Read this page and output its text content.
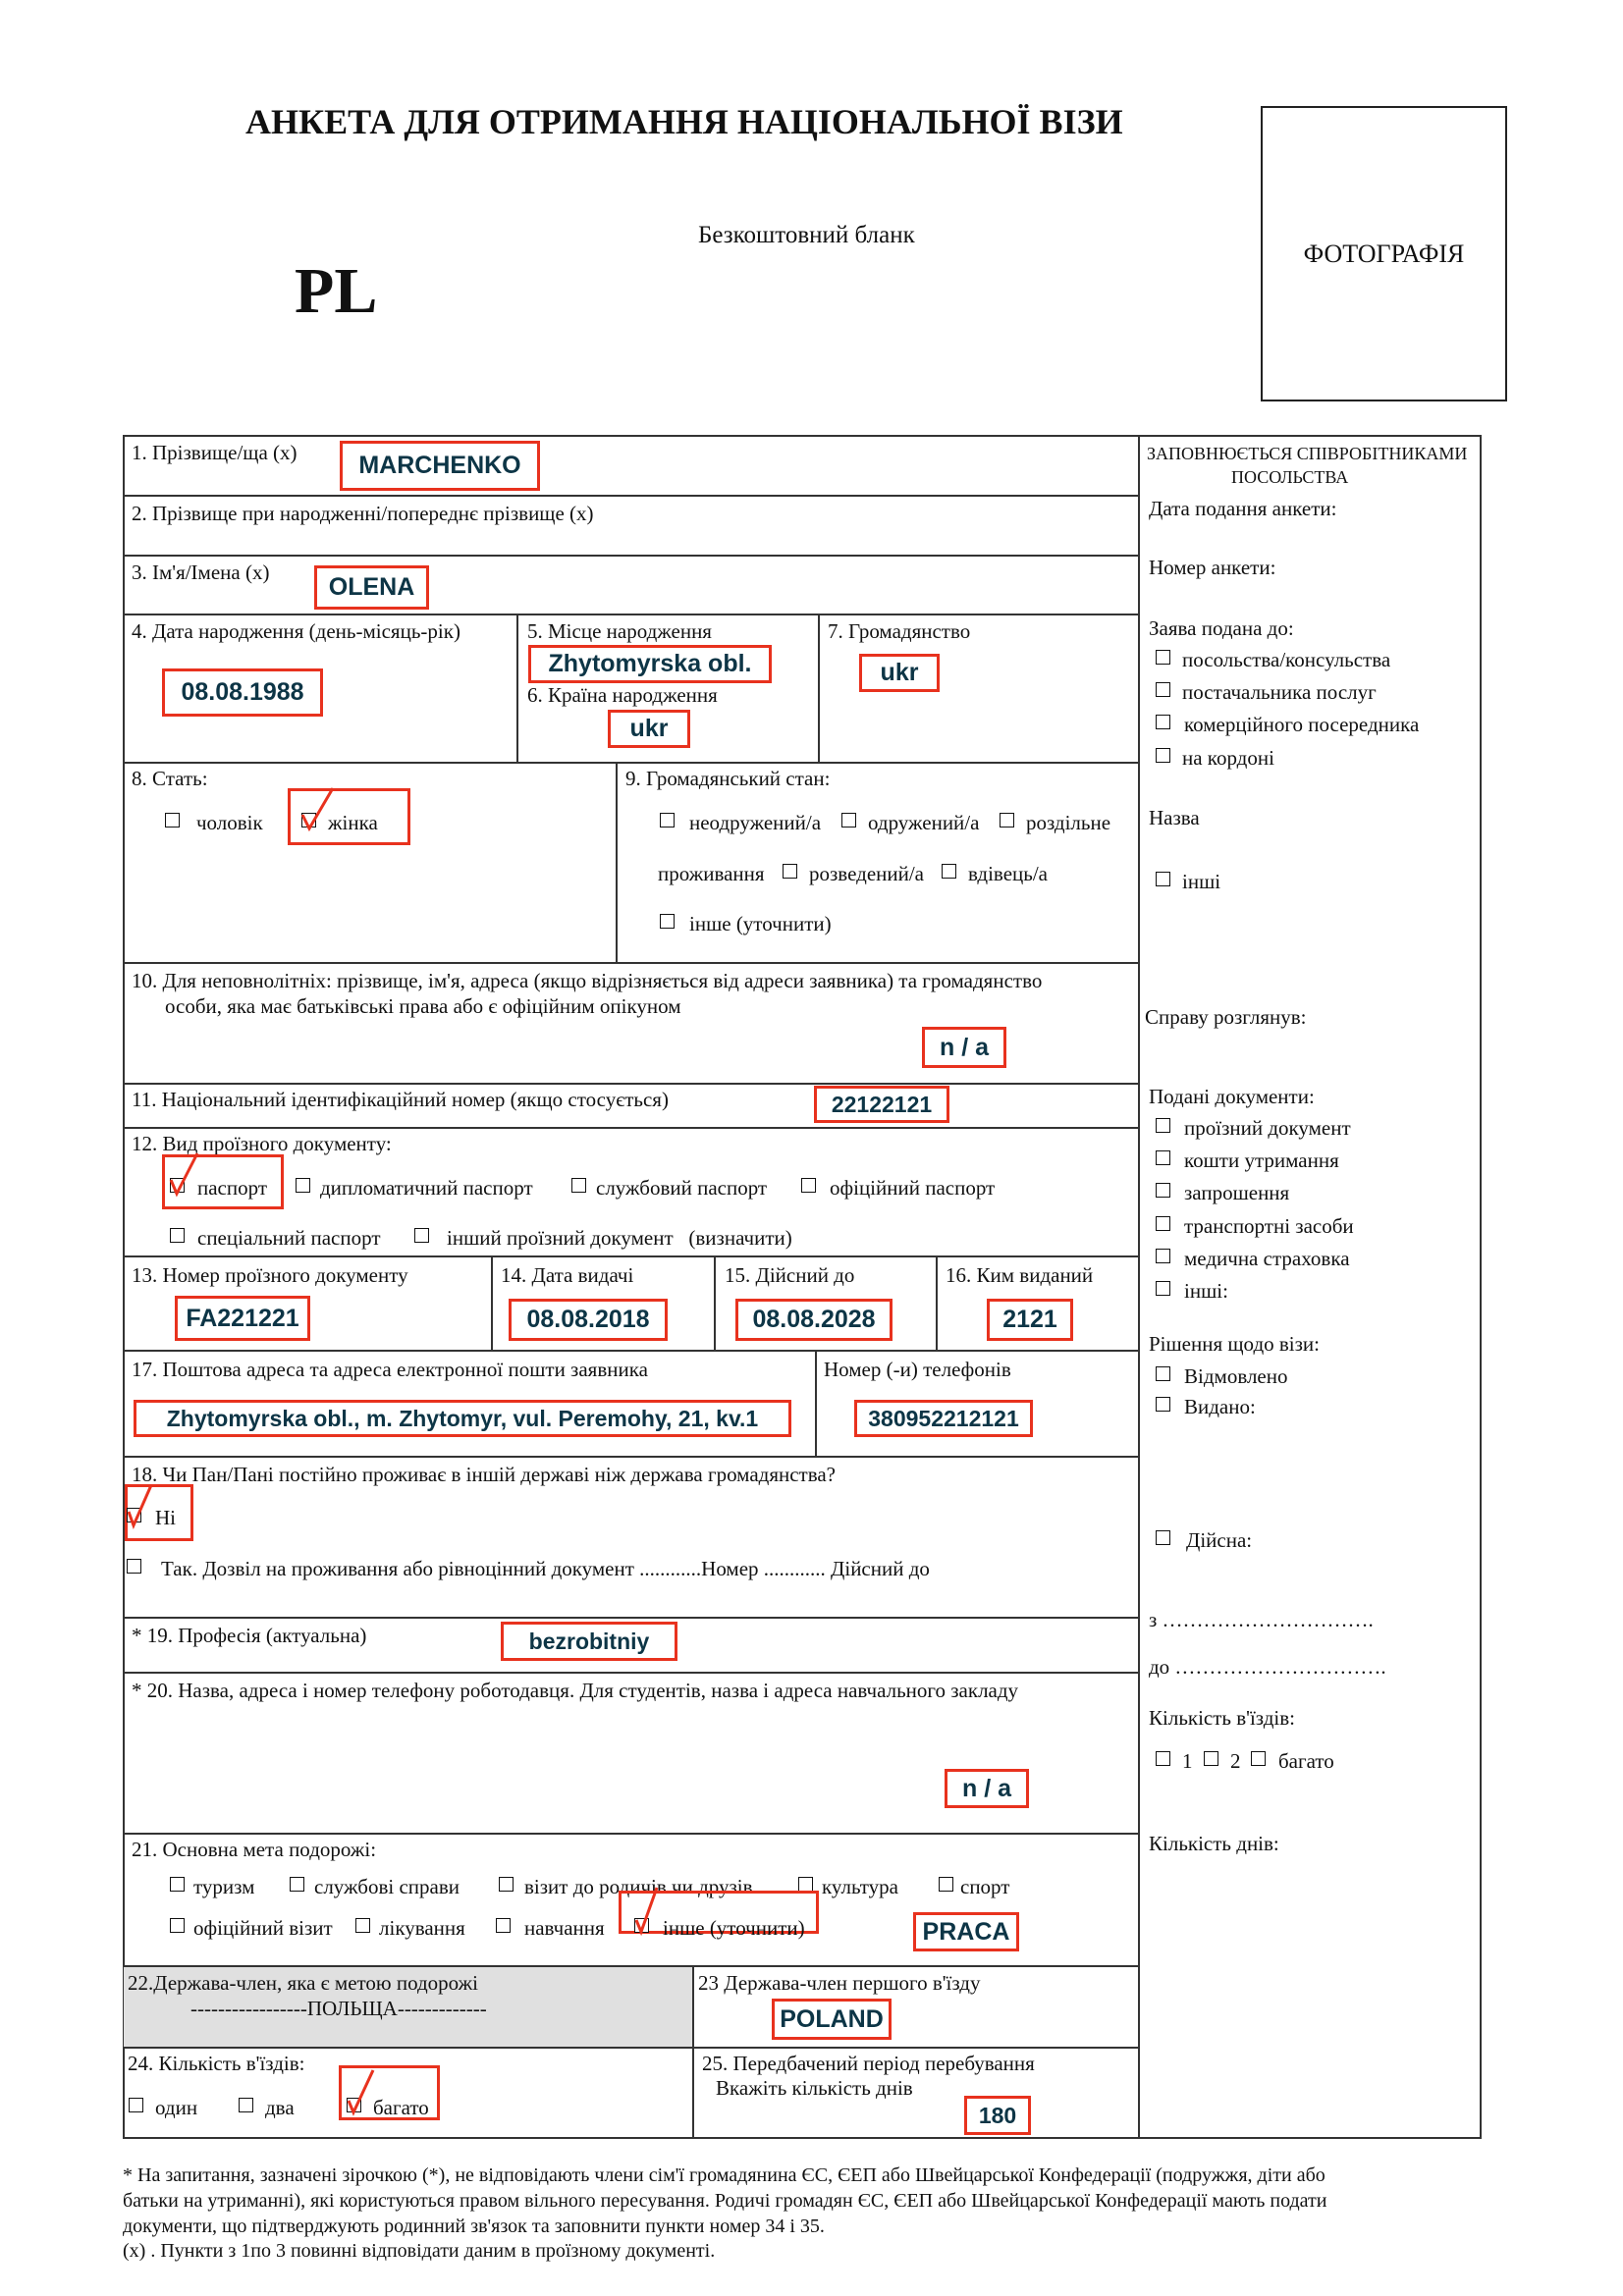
АНКЕТА ДЛЯ ОТРИМАННЯ НАЦІОНАЛЬНОЇ ВІЗИ
Безкоштовний бланк
PL
ФОТОГРАФІЯ
1. Прізвище/ща (x)	MARCHENKO
2. Прізвище при народженні/попереднє прізвище (x)
3. Ім'я/Імена (x)
OLENA
4. Дата народження (день-місяць-рік)
08.08.1988
5. Місце народження
Zhytomyrska obl.
6. Країна народження
ukr
7. Громадянство
ukr
8. Стать:
чоловік	жінка
9. Громадянський стан:
неодружений/а одружений/а роздільне
проживання розведений/а вдівець/а
інше (уточнити)
10. Для неповнолітніх: прізвище, ім'я, адреса (якщо відрізняється від адреси заявника) та громадянство
особи, яка має батьківські права або є офіційним опікуном
n / a
11. Національний ідентифікаційний номер (якщо стосується)	22122121
12. Вид проїзного документу:
паспорт	дипломатичний паспорт	службовий паспорт	офіційний паспорт
спеціальний паспорт	інший проїзний документ   (визначити)
13. Номер проїзного документу
FA221221
14. Дата видачі
08.08.2018
15. Дійсний до
08.08.2028
16. Ким виданий
2121
17. Поштова адреса та адреса електронної пошти заявника
Zhytomyrska obl., m. Zhytomyr, vul. Peremohy, 21, kv.1
Номер (-и) телефонів
380952212121
18. Чи Пан/Пані постійно проживає в іншій державі ніж держава громадянства?
Ні
Так. Дозвіл на проживання або рівноцінний документ ............Номер ............ Дійсний до
* 19. Професія (актуальна)	bezrobitniy
* 20. Назва, адреса і номер телефону роботодавця. Для студентів, назва і адреса навчального закладу
n / a
21. Основна мета подорожі:
туризм	службові справи	візит до родичів чи друзів	культура	спорт
офіційний візит лікування	навчання	інше (уточнити)	PRACA
22.Держава-член, яка є метою подорожі
-----------------ПОЛЬЩА-------------
23 Держава-член першого в'їзду
POLAND
24. Кількість в'їздів:
один	два	багато
25. Передбачений період перебування
Вкажіть кількість днів
180
ЗАПОВНЮЄТЬСЯ СПІВРОБІТНИКАМИ
ПОСОЛЬСТВА
Дата подання анкети:
Номер анкети:
Заява подана до:
посольства/консульства
постачальника послуг
комерційного посередника
на кордоні
Назва
інші
Справу розглянув:
Подані документи:
проїзний документ
кошти утримання
запрошення
транспортні засоби
медична страховка
інші:
Рішення щодо візи:
Відмовлено
Видано:
Дійсна:
з ………………………….
до ………………………….
Кількість в'їздів:
1 2 багато
Кількість днів:
* На запитання, зазначені зірочкою (*), не відповідають члени сім'ї громадянина ЄС, ЄЕП або Швейцарської Конфедерації (подружжя, діти або
батьки на утриманні), які користуються правом вільного пересування. Родичі громадян ЄС, ЄЕП або Швейцарської Конфедерації мають подати
документи, що підтверджують родинний зв'язок та заповнити пункти номер 34 і 35.
(x) . Пункти з 1по 3 повинні відповідати даним в проїзному документі.
